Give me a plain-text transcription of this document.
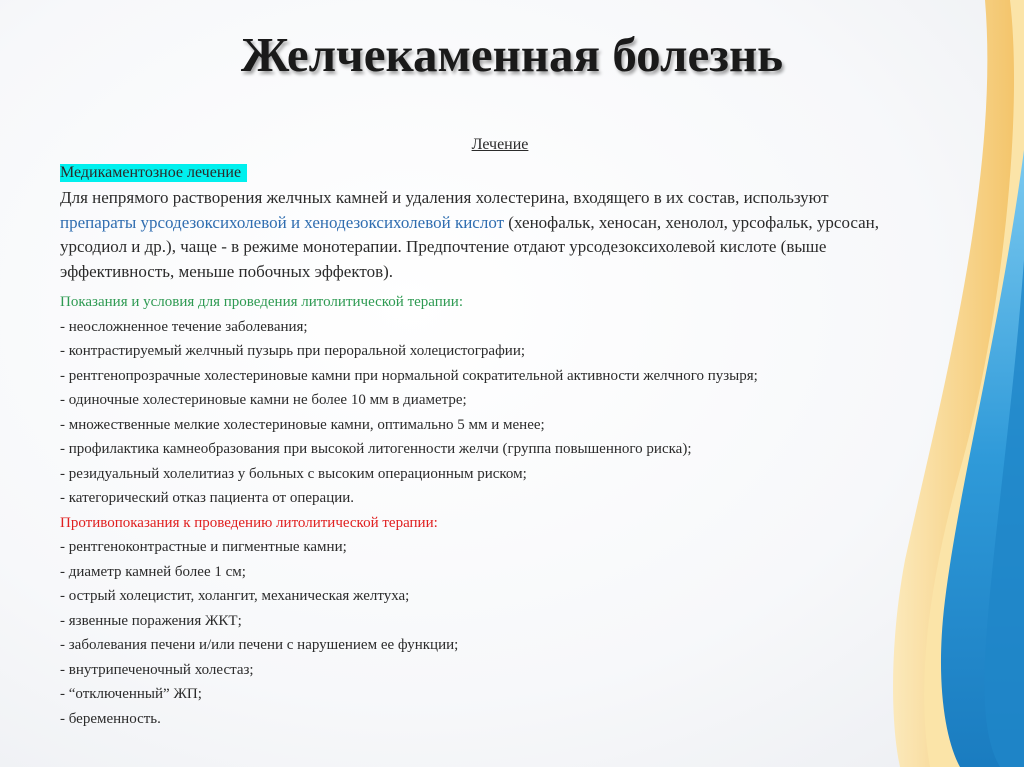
Желчекаменная болезнь

Лечение

Медикаментозное лечение

Для непрямого растворения желчных камней и удаления холестерина, входящего в их состав, используют препараты урсодезоксихолевой и хенодезоксихолевой кислот (хенофальк, хеносан, хенолол, урсофальк, урсосан, урсодиол и др.), чаще - в режиме монотерапии. Предпочтение отдают урсодезоксихолевой кислоте (выше эффективность, меньше побочных эффектов).

Показания и условия для проведения литолитической терапии:

- неосложненное течение заболевания;
- контрастируемый желчный пузырь при пероральной холецистографии;
- рентгенопрозрачные холестериновые камни при нормальной сократительной активности желчного пузыря;
- одиночные холестериновые камни не более 10 мм в диаметре;
- множественные мелкие холестериновые камни, оптимально 5 мм и менее;
- профилактика камнеобразования при высокой литогенности желчи (группа повышенного риска);
- резидуальный холелитиаз у больных с высоким операционным риском;
- категорический отказ пациента от операции.

Противопоказания к проведению литолитической терапии:

- рентгеноконтрастные и пигментные камни;
- диаметр камней более 1 см;
- острый холецистит, холангит, механическая желтуха;
- язвенные поражения ЖКТ;
- заболевания печени и/или печени с нарушением ее функции;
- внутрипеченочный холестаз;
- “отключенный” ЖП;
- беременность.
